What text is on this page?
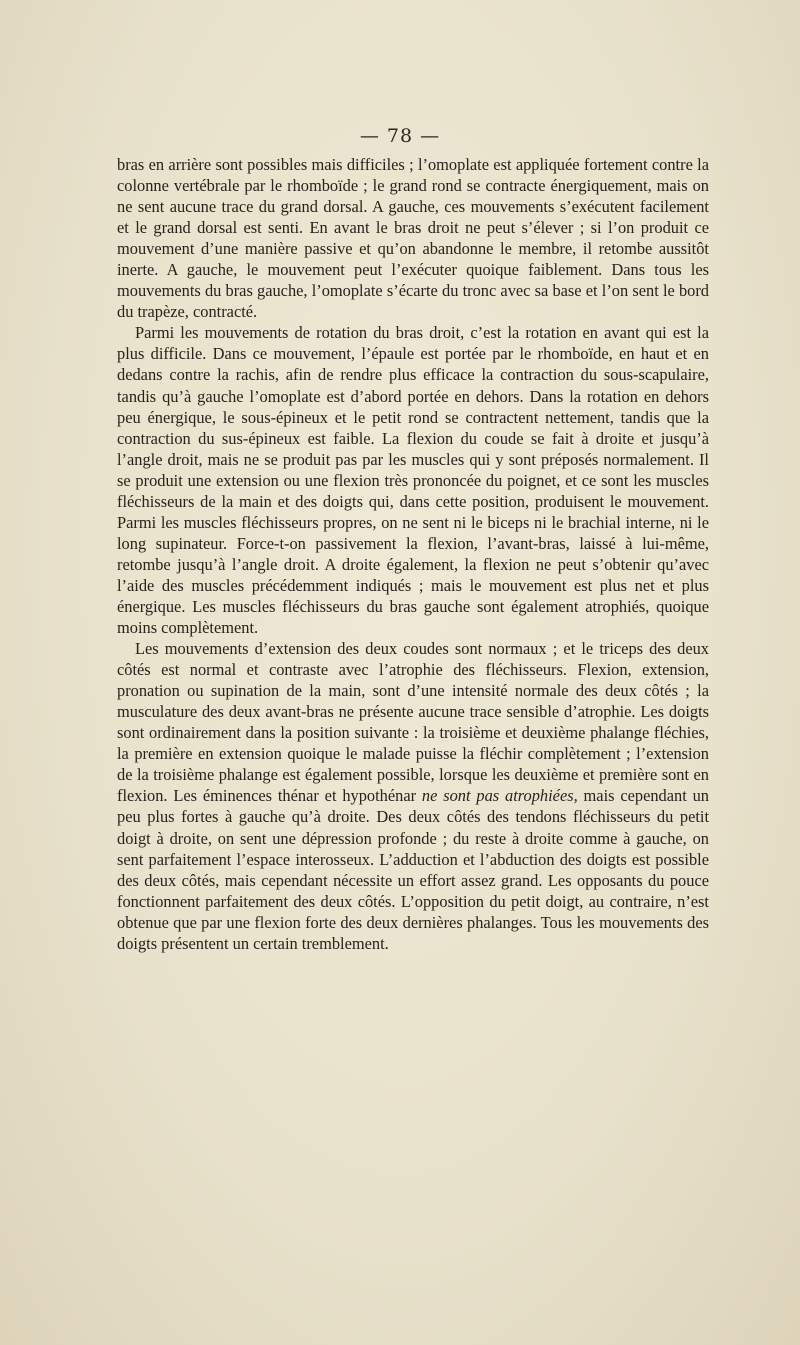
— 78 —

bras en arrière sont possibles mais difficiles ; l’omoplate est appliquée fortement contre la colonne vertébrale par le rhomboïde ; le grand rond se contracte énergiquement, mais on ne sent aucune trace du grand dorsal. A gauche, ces mouvements s’exécutent facilement et le grand dorsal est senti. En avant le bras droit ne peut s’élever ; si l’on produit ce mouvement d’une manière passive et qu’on abandonne le membre, il retombe aussitôt inerte. A gauche, le mouvement peut l’exécuter quoique faiblement. Dans tous les mouvements du bras gauche, l’omoplate s’écarte du tronc avec sa base et l’on sent le bord du trapèze, contracté.

Parmi les mouvements de rotation du bras droit, c’est la rotation en avant qui est la plus difficile. Dans ce mouvement, l’épaule est portée par le rhomboïde, en haut et en dedans contre la rachis, afin de rendre plus efficace la contraction du sous-scapulaire, tandis qu’à gauche l’omoplate est d’abord portée en dehors. Dans la rotation en dehors peu énergique, le sous-épineux et le petit rond se contractent nettement, tandis que la contraction du sus-épineux est faible. La flexion du coude se fait à droite et jusqu’à l’angle droit, mais ne se produit pas par les muscles qui y sont préposés normalement. Il se produit une extension ou une flexion très prononcée du poignet, et ce sont les muscles fléchisseurs de la main et des doigts qui, dans cette position, produisent le mouvement. Parmi les muscles fléchisseurs propres, on ne sent ni le biceps ni le brachial interne, ni le long supinateur. Force-t-on passivement la flexion, l’avant-bras, laissé à lui-même, retombe jusqu’à l’angle droit. A droite également, la flexion ne peut s’obtenir qu’avec l’aide des muscles précédemment indiqués ; mais le mouvement est plus net et plus énergique. Les muscles fléchisseurs du bras gauche sont également atrophiés, quoique moins complètement.

Les mouvements d’extension des deux coudes sont normaux ; et le triceps des deux côtés est normal et contraste avec l’atrophie des fléchisseurs. Flexion, extension, pronation ou supination de la main, sont d’une intensité normale des deux côtés ; la musculature des deux avant-bras ne présente aucune trace sensible d’atrophie. Les doigts sont ordinairement dans la position suivante : la troisième et deuxième phalange fléchies, la première en extension quoique le malade puisse la fléchir complètement ; l’extension de la troisième phalange est également possible, lorsque les deuxième et première sont en flexion. Les éminences thénar et hypothénar ne sont pas atrophiées, mais cependant un peu plus fortes à gauche qu’à droite. Des deux côtés des tendons fléchisseurs du petit doigt à droite, on sent une dépression profonde ; du reste à droite comme à gauche, on sent parfaitement l’espace interosseux. L’adduction et l’abduction des doigts est possible des deux côtés, mais cependant nécessite un effort assez grand. Les opposants du pouce fonctionnent parfaitement des deux côtés. L’opposition du petit doigt, au contraire, n’est obtenue que par une flexion forte des deux dernières phalanges. Tous les mouvements des doigts présentent un certain tremblement.
